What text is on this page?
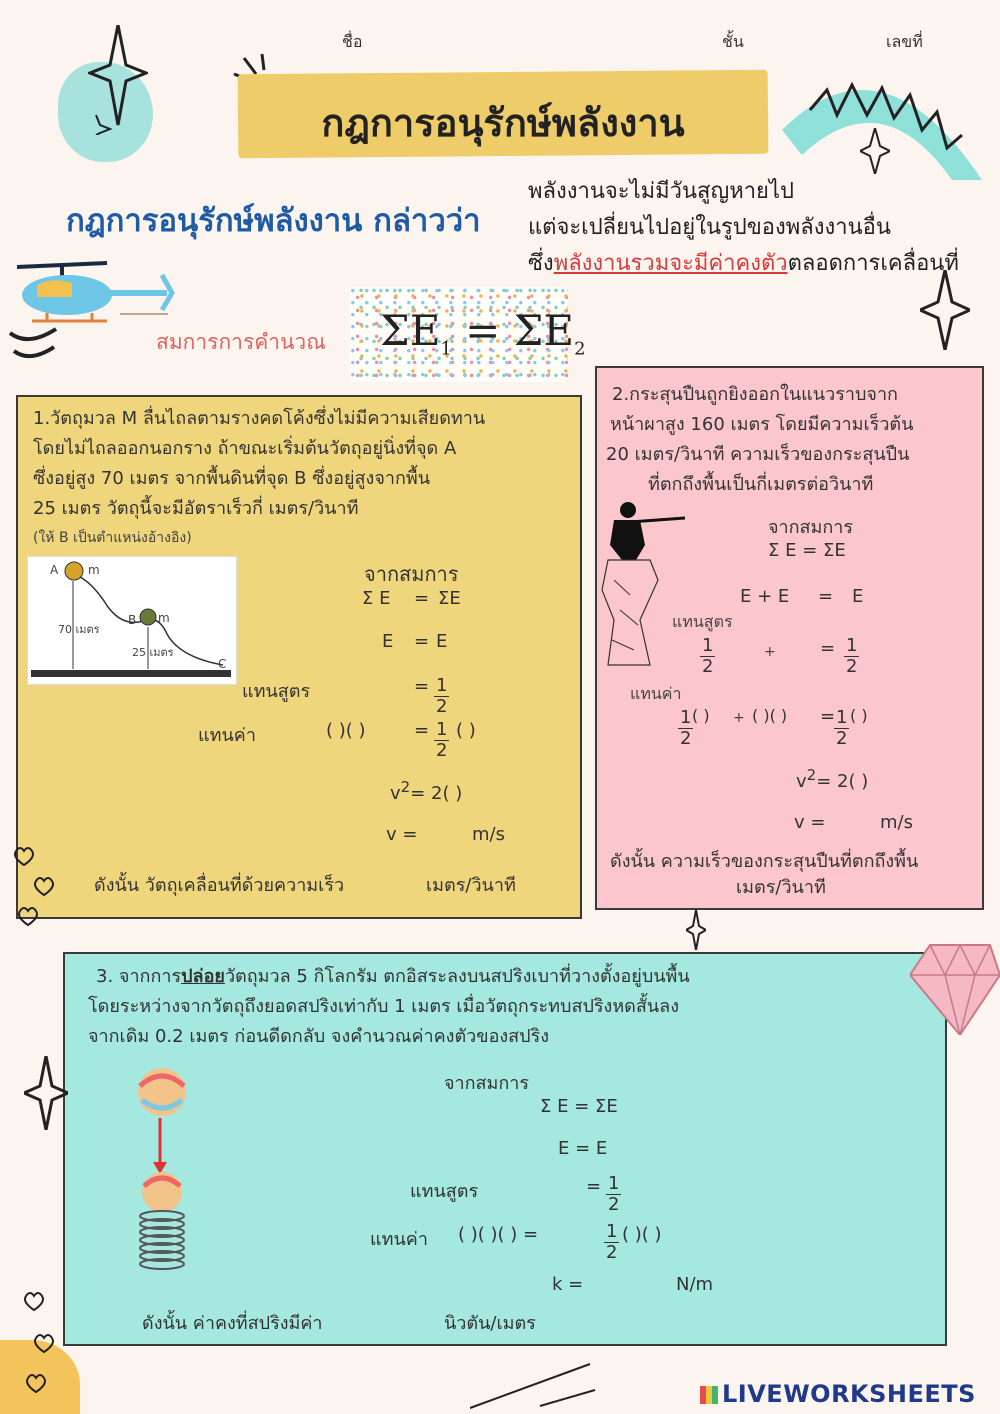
ชื่อ	ชั้น	เลขที่
กฎการอนุรักษ์พลังงาน
กฎการอนุรักษ์พลังงาน กล่าวว่า
พลังงานจะไม่มีวันสูญหายไป
แต่จะเปลี่ยนไปอยู่ในรูปของพลังงานอื่น
ซึ่งพลังงานรวมจะมีค่าคงตัวตลอดการเคลื่อนที่
สมการการคำนวณ $\Sigma E_1 = \Sigma E_2$
1.วัตถุมวล M ลื่นไถลตามรางคดโค้งซึ่งไม่มีความเสียดทาน
โดยไม่ไถลออกนอกราง ถ้าขณะเริ่มต้นวัตถุอยู่นิ่งที่จุด A
ซึ่งอยู่สูง 70 เมตร จากพื้นดินที่จุด B ซึ่งอยู่สูงจากพื้น
25 เมตร วัตถุนี้จะมีอัตราเร็วกี่ เมตร/วินาที
(ให้ B เป็นตำแหน่งอ้างอิง)
A m
70 เมตร
B m
25 เมตร
C
จากสมการ
Σ E = ΣE
E = E
แทนสูตร	= $\frac{1}{2}$
แทนค่า	( )( )	= $\frac{1}{2}$ ( )
$v^2= 2$( )
v =	m/s
ดังนั้น วัตถุเคลื่อนที่ด้วยความเร็ว	เมตร/วินาที
2.กระสุนปืนถูกยิงออกในแนวราบจาก
หน้าผาสูง 160 เมตร โดยมีความเร็วต้น
20 เมตร/วินาที ความเร็วของกระสุนปืน
ที่ตกถึงพื้นเป็นกี่เมตรต่อวินาที
จากสมการ
Σ E = ΣE
E + E = E
แทนสูตร
$\frac{1}{2}$	+ = $\frac{1}{2}$
แทนค่า
$\frac{1}{2}$
( ) + ( )( ) =
$\frac{1}{2}$ ( )
$v^2= 2$( )
v =	m/s
ดังนั้น ความเร็วของกระสุนปืนที่ตกถึงพื้น
เมตร/วินาที
3. จากการปล่อยวัตถุมวล 5 กิโลกรัม ตกอิสระลงบนสปริงเบาที่วางตั้งอยู่บนพื้น
โดยระหว่างจากวัตถุถึงยอดสปริงเท่ากับ 1 เมตร เมื่อวัตถุกระทบสปริงหดสั้นลง
จากเดิม 0.2 เมตร ก่อนดีดกลับ จงคำนวณค่าคงตัวของสปริง
จากสมการ
Σ E = ΣE
E = E
แทนสูตร	= $\frac{1}{2}$
แทนค่า ( )( )( ) =	$\frac{1}{2}$ ( )( )
k =	N/m
ดังนั้น ค่าคงที่สปริงมีค่า	นิวตัน/เมตร
LIVEWORKSHEETS
